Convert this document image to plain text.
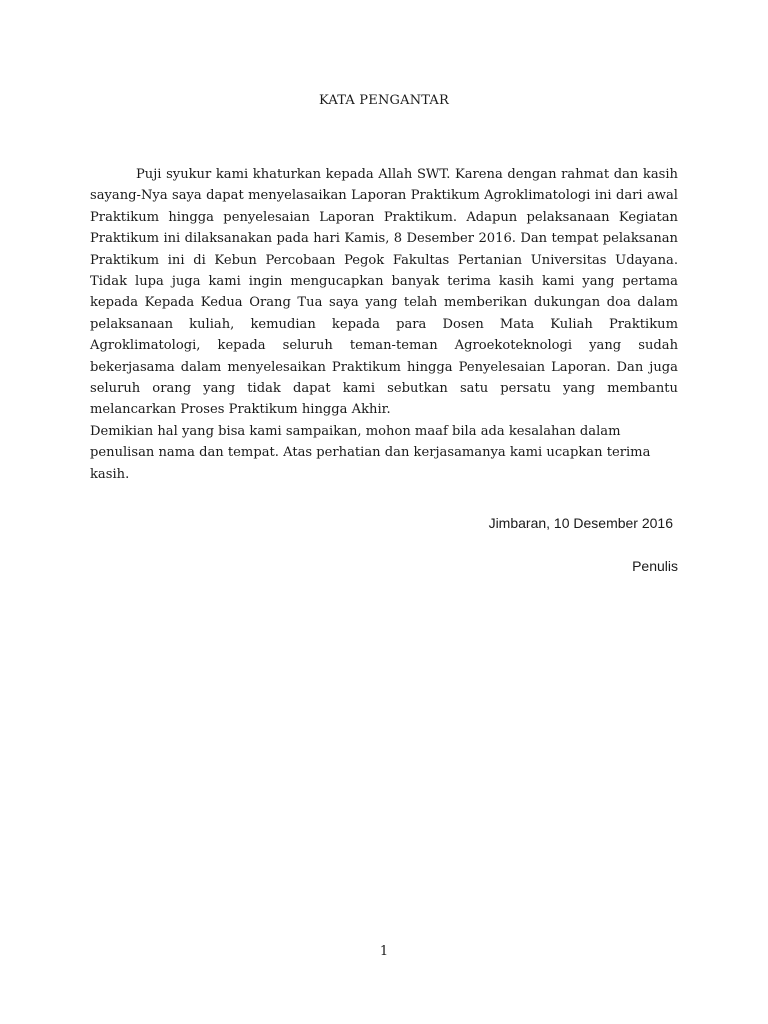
KATA PENGANTAR

Puji syukur kami khaturkan kepada Allah SWT. Karena dengan rahmat dan kasih sayang-Nya saya dapat menyelasaikan Laporan Praktikum Agroklimatologi ini dari awal Praktikum hingga penyelesaian Laporan Praktikum. Adapun pelaksanaan Kegiatan Praktikum ini dilaksanakan pada hari Kamis, 8 Desember 2016. Dan tempat pelaksanan Praktikum ini di Kebun Percobaan Pegok Fakultas Pertanian Universitas Udayana. Tidak lupa juga kami ingin mengucapkan banyak terima kasih kami yang pertama kepada Kepada Kedua Orang Tua saya yang telah memberikan dukungan doa dalam pelaksanaan kuliah, kemudian kepada para Dosen Mata Kuliah Praktikum Agroklimatologi, kepada seluruh teman-teman Agroekoteknologi yang sudah bekerjasama dalam menyelesaikan Praktikum hingga Penyelesaian Laporan. Dan juga seluruh orang yang tidak dapat kami sebutkan satu persatu yang membantu melancarkan Proses Praktikum hingga Akhir.

Demikian hal yang bisa kami sampaikan, mohon maaf bila ada kesalahan dalam penulisan nama dan tempat. Atas perhatian dan kerjasamanya kami ucapkan terima kasih.

Jimbaran, 10 Desember 2016
Penulis
1
